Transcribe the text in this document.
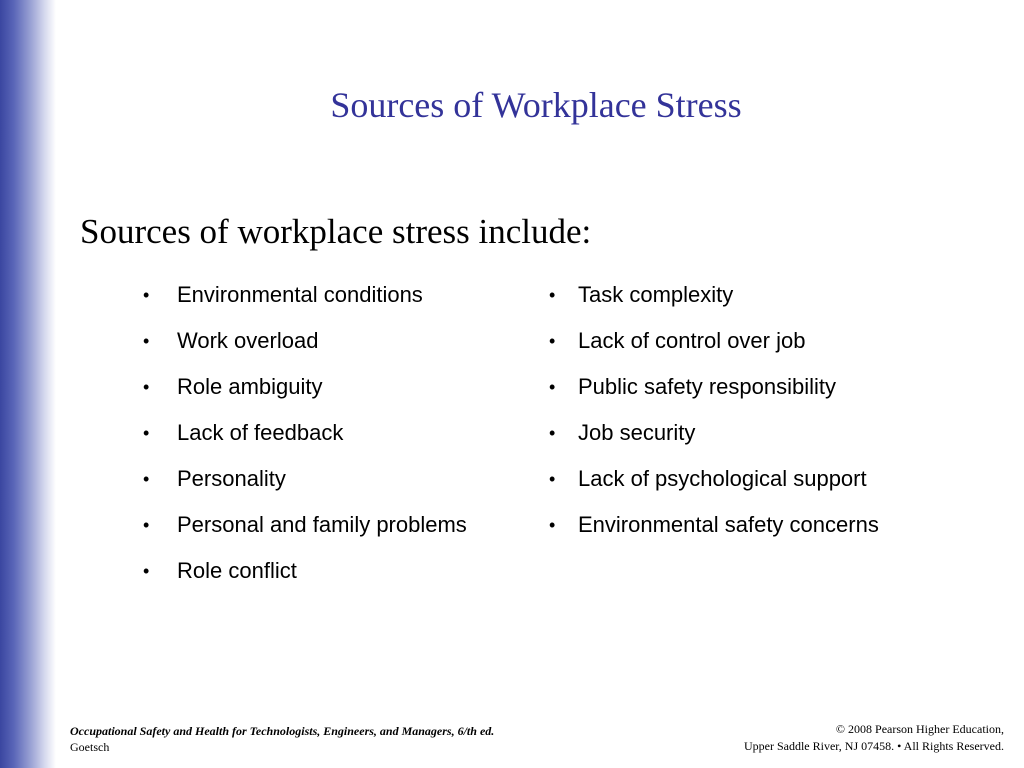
Sources of Workplace Stress
Sources of workplace stress include:
•	Environmental conditions
•	Work overload
•	Role ambiguity
•	Lack of feedback
•	Personality
•	Personal and family problems
•	Role conflict
•	Task complexity
•	Lack of control over job
•	Public safety responsibility
•	Job security
•	Lack of psychological support
•	Environmental safety concerns
Occupational Safety and Health for Technologists, Engineers, and Managers, 6/th ed.
Goetsch
© 2008 Pearson Higher Education,
Upper Saddle River, NJ 07458. • All Rights Reserved.
